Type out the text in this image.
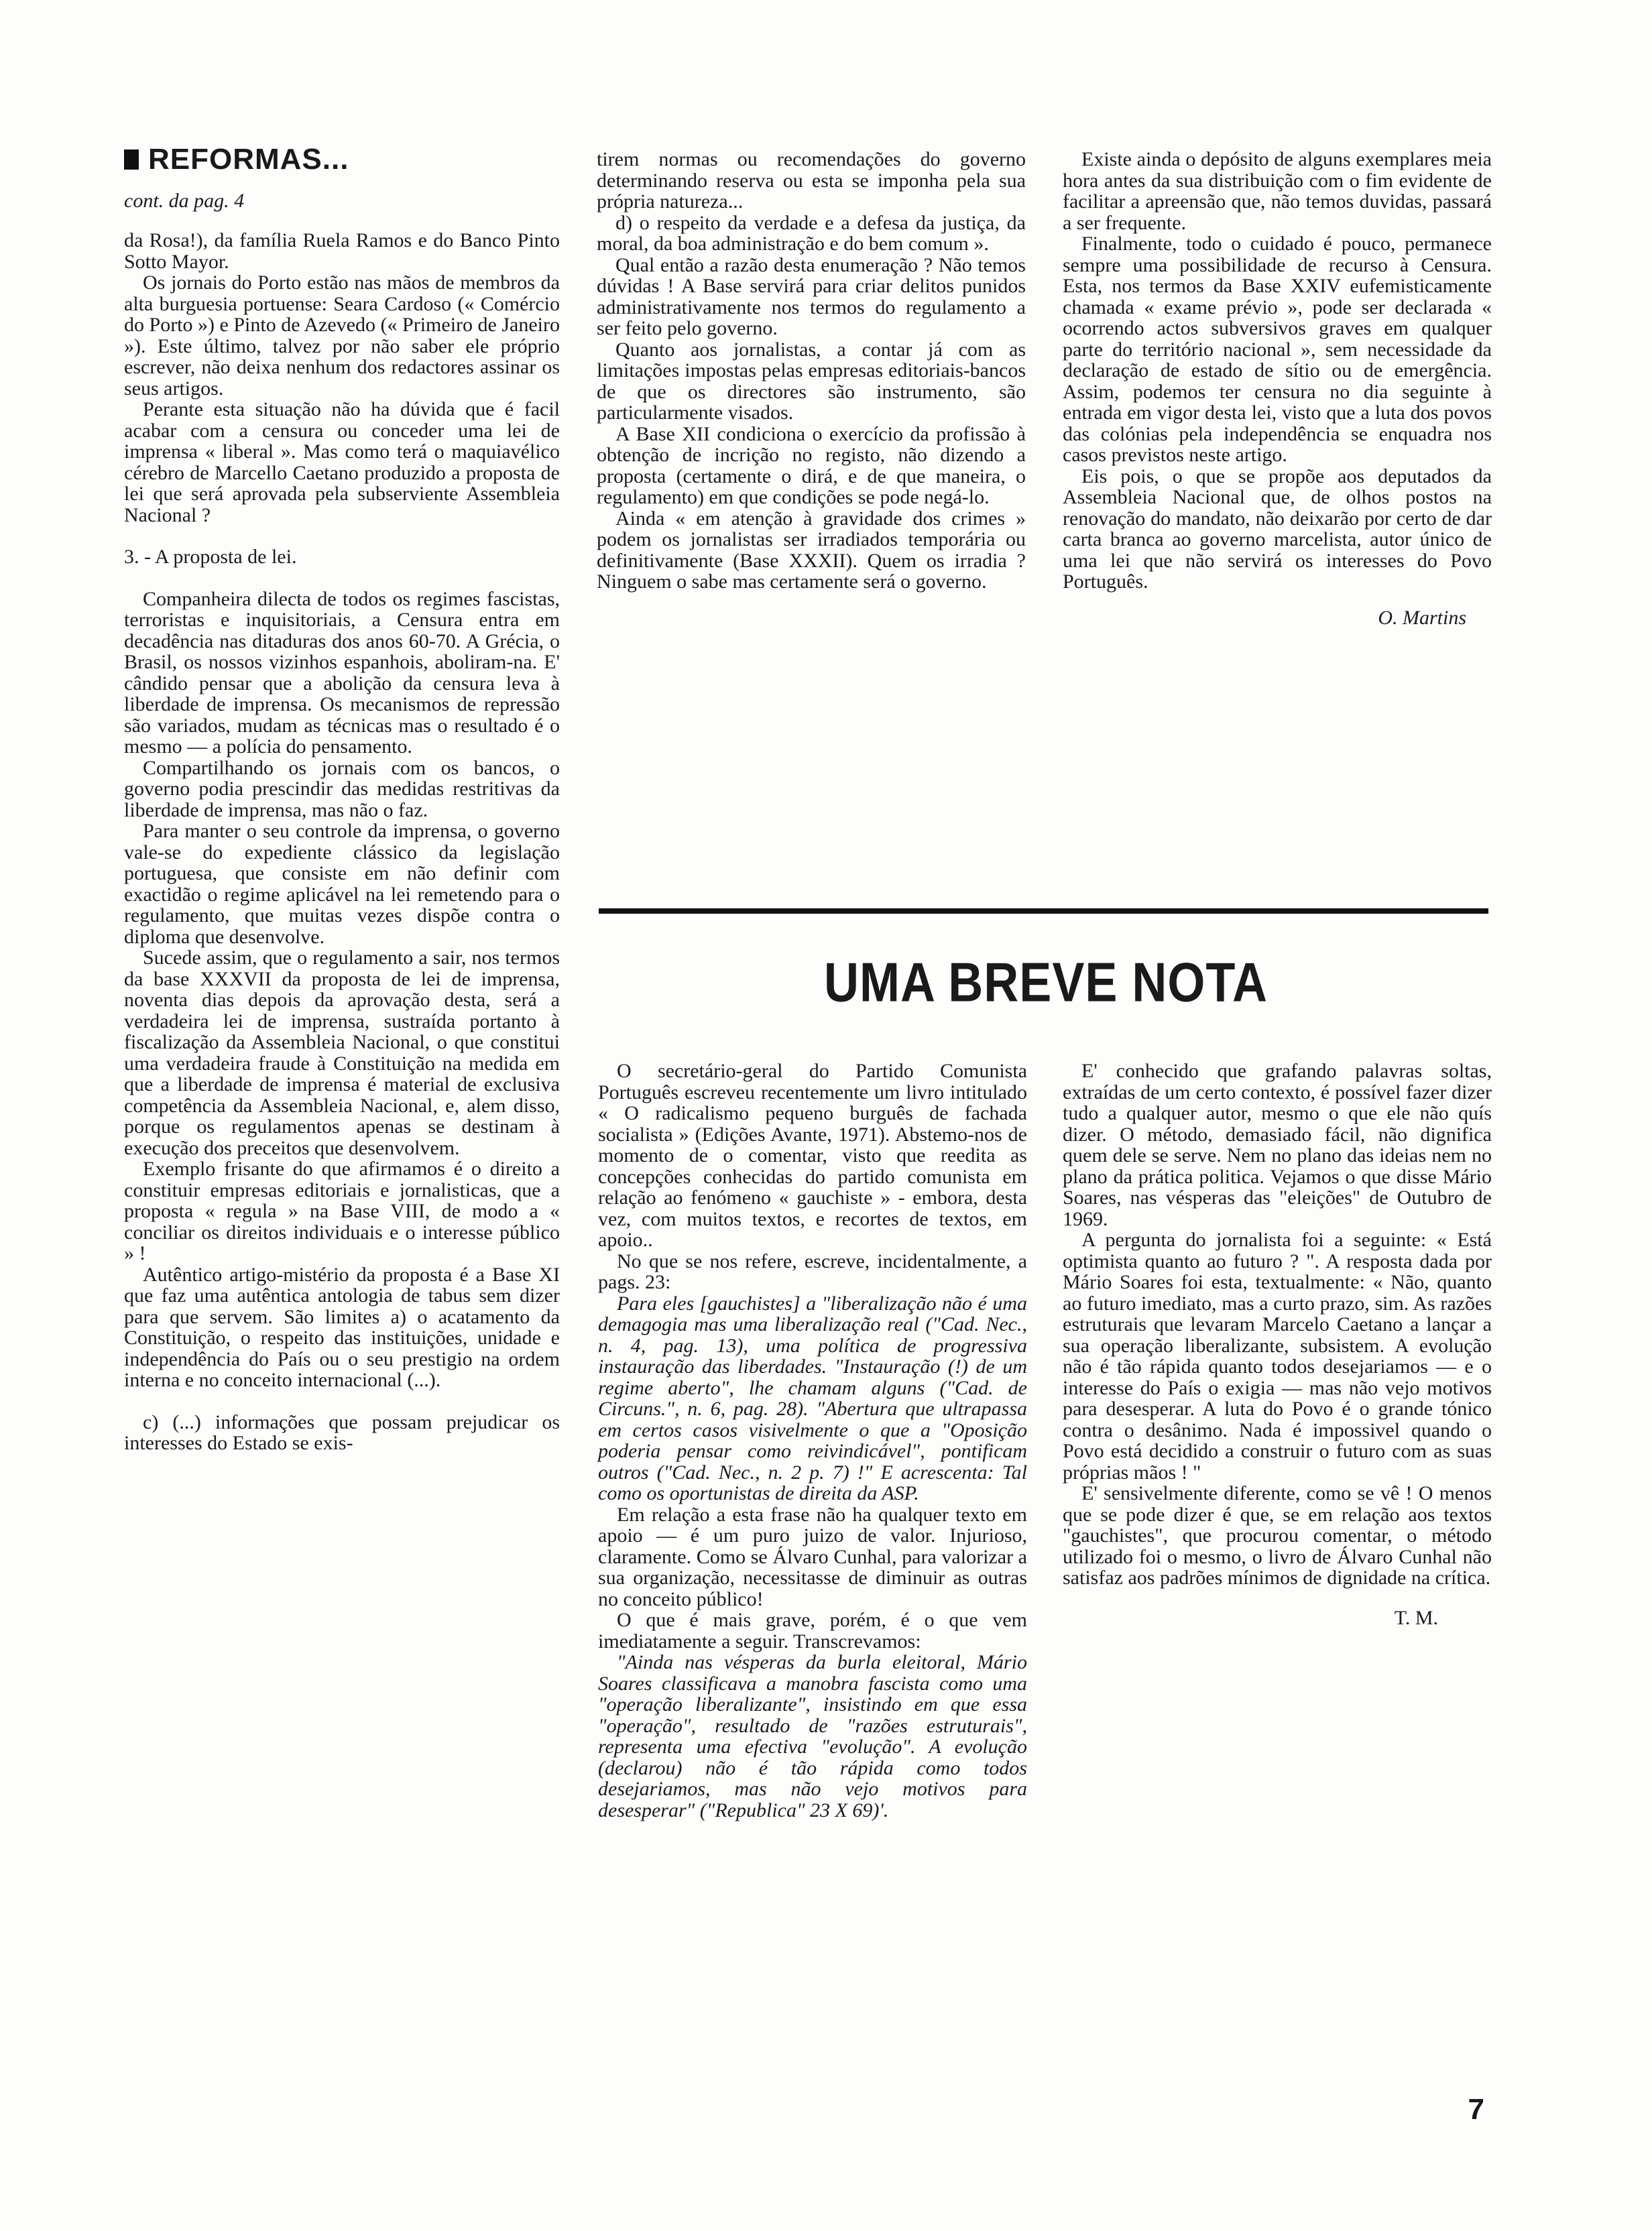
REFORMAS...

cont. da pag. 4

da Rosa!), da família Ruela Ramos e do Banco Pinto Sotto Mayor.

Os jornais do Porto estão nas mãos de membros da alta burguesia portuense: Seara Cardoso (« Comércio do Porto ») e Pinto de Azevedo (« Primeiro de Janeiro »). Este último, talvez por não saber ele próprio escrever, não deixa nenhum dos redactores assinar os seus artigos.

Perante esta situação não ha dúvida que é facil acabar com a censura ou conceder uma lei de imprensa « liberal ». Mas como terá o maquiavélico cérebro de Marcello Caetano produzido a proposta de lei que será aprovada pela subserviente Assembleia Nacional ?

3. - A proposta de lei.

Companheira dilecta de todos os regimes fascistas, terroristas e inquisitoriais, a Censura entra em decadência nas ditaduras dos anos 60-70. A Grécia, o Brasil, os nossos vizinhos espanhois, aboliram-na. E' cândido pensar que a abolição da censura leva à liberdade de imprensa. Os mecanismos de repressão são variados, mudam as técnicas mas o resultado é o mesmo — a polícia do pensamento.

Compartilhando os jornais com os bancos, o governo podia prescindir das medidas restritivas da liberdade de imprensa, mas não o faz.

Para manter o seu controle da imprensa, o governo vale-se do expediente clássico da legislação portuguesa, que consiste em não definir com exactidão o regime aplicável na lei remetendo para o regulamento, que muitas vezes dispõe contra o diploma que desenvolve.

Sucede assim, que o regulamento a sair, nos termos da base XXXVII da proposta de lei de imprensa, noventa dias depois da aprovação desta, será a verdadeira lei de imprensa, sustraída portanto à fiscalização da Assembleia Nacional, o que constitui uma verdadeira fraude à Constituição na medida em que a liberdade de imprensa é material de exclusiva competência da Assembleia Nacional, e, alem disso, porque os regulamentos apenas se destinam à execução dos preceitos que desenvolvem.

Exemplo frisante do que afirmamos é o direito a constituir empresas editoriais e jornalisticas, que a proposta « regula » na Base VIII, de modo a « conciliar os direitos individuais e o interesse público » !

Autêntico artigo-mistério da proposta é a Base XI que faz uma autêntica antologia de tabus sem dizer para que servem. São limites a) o acatamento da Constituição, o respeito das instituições, unidade e independência do País ou o seu prestigio na ordem interna e no conceito internacional (...).

c) (...) informações que possam prejudicar os interesses do Estado se exis-

tirem normas ou recomendações do governo determinando reserva ou esta se imponha pela sua própria natureza...

d) o respeito da verdade e a defesa da justiça, da moral, da boa administração e do bem comum ».

Qual então a razão desta enumeração ? Não temos dúvidas ! A Base servirá para criar delitos punidos administrativamente nos termos do regulamento a ser feito pelo governo.

Quanto aos jornalistas, a contar já com as limitações impostas pelas empresas editoriais-bancos de que os directores são instrumento, são particularmente visados.

A Base XII condiciona o exercício da profissão à obtenção de incrição no registo, não dizendo a proposta (certamente o dirá, e de que maneira, o regulamento) em que condições se pode negá-lo.

Ainda « em atenção à gravidade dos crimes » podem os jornalistas ser irradiados temporária ou definitivamente (Base XXXII). Quem os irradia ? Ninguem o sabe mas certamente será o governo.

Existe ainda o depósito de alguns exemplares meia hora antes da sua distribuição com o fim evidente de facilitar a apreensão que, não temos duvidas, passará a ser frequente.

Finalmente, todo o cuidado é pouco, permanece sempre uma possibilidade de recurso à Censura. Esta, nos termos da Base XXIV eufemisticamente chamada « exame prévio », pode ser declarada « ocorrendo actos subversivos graves em qualquer parte do território nacional », sem necessidade da declaração de estado de sítio ou de emergência. Assim, podemos ter censura no dia seguinte à entrada em vigor desta lei, visto que a luta dos povos das colónias pela independência se enquadra nos casos previstos neste artigo.

Eis pois, o que se propõe aos deputados da Assembleia Nacional que, de olhos postos na renovação do mandato, não deixarão por certo de dar carta branca ao governo marcelista, autor único de uma lei que não servirá os interesses do Povo Português.

O. Martins

UMA BREVE NOTA

O secretário-geral do Partido Comunista Português escreveu recentemente um livro intitulado « O radicalismo pequeno burguês de fachada socialista » (Edições Avante, 1971). Abstemo-nos de momento de o comentar, visto que reedita as concepções conhecidas do partido comunista em relação ao fenómeno « gauchiste » - embora, desta vez, com muitos textos, e recortes de textos, em apoio..

No que se nos refere, escreve, incidentalmente, a pags. 23:

Para eles [gauchistes] a "liberalização não é uma demagogia mas uma liberalização real ("Cad. Nec., n. 4, pag. 13), uma política de progressiva instauração das liberdades. "Instauração (!) de um regime aberto", lhe chamam alguns ("Cad. de Circuns.", n. 6, pag. 28). "Abertura que ultrapassa em certos casos visivelmente o que a "Oposição poderia pensar como reivindicável", pontificam outros ("Cad. Nec., n. 2 p. 7) !" E acrescenta: Tal como os oportunistas de direita da ASP.

Em relação a esta frase não ha qualquer texto em apoio — é um puro juizo de valor. Injurioso, claramente. Como se Álvaro Cunhal, para valorizar a sua organização, necessitasse de diminuir as outras no conceito público!

O que é mais grave, porém, é o que vem imediatamente a seguir. Transcrevamos:

"Ainda nas vésperas da burla eleitoral, Mário Soares classificava a manobra fascista como uma "operação liberalizante", insistindo em que essa "operação", resultado de "razões estruturais", representa uma efectiva "evolução". A evolução (declarou) não é tão rápida como todos desejariamos, mas não vejo motivos para desesperar" ("Republica" 23 X 69)'.

E' conhecido que grafando palavras soltas, extraídas de um certo contexto, é possível fazer dizer tudo a qualquer autor, mesmo o que ele não quís dizer. O método, demasiado fácil, não dignifica quem dele se serve. Nem no plano das ideias nem no plano da prática politica. Vejamos o que disse Mário Soares, nas vésperas das "eleições" de Outubro de 1969.

A pergunta do jornalista foi a seguinte: « Está optimista quanto ao futuro ? ". A resposta dada por Mário Soares foi esta, textualmente: « Não, quanto ao futuro imediato, mas a curto prazo, sim. As razões estruturais que levaram Marcelo Caetano a lançar a sua operação liberalizante, subsistem. A evolução não é tão rápida quanto todos desejariamos — e o interesse do País o exigia — mas não vejo motivos para desesperar. A luta do Povo é o grande tónico contra o desânimo. Nada é impossivel quando o Povo está decidido a construir o futuro com as suas próprias mãos ! "

E' sensivelmente diferente, como se vê ! O menos que se pode dizer é que, se em relação aos textos "gauchistes", que procurou comentar, o método utilizado foi o mesmo, o livro de Álvaro Cunhal não satisfaz aos padrões mínimos de dignidade na crítica.

T. M.

7
